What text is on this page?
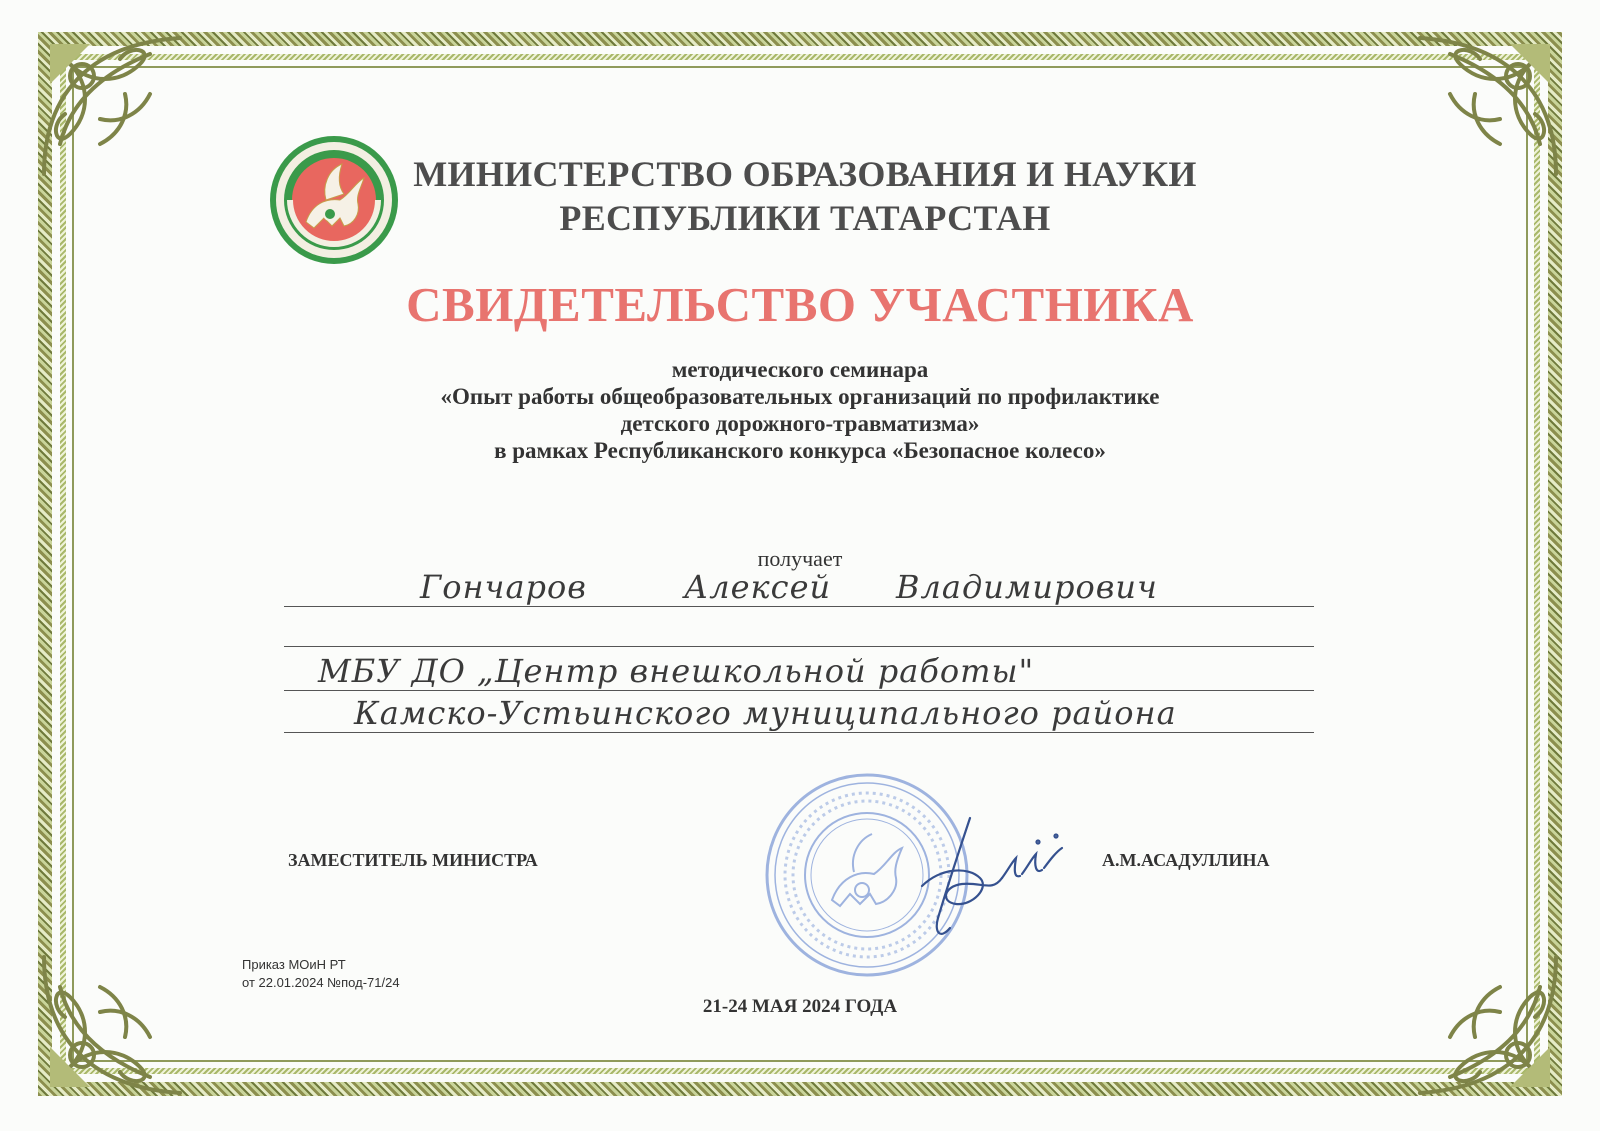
МИНИСТЕРСТВО ОБРАЗОВАНИЯ И НАУКИ
РЕСПУБЛИКИ ТАТАРСТАН
СВИДЕТЕЛЬСТВО УЧАСТНИКА
методического семинара
«Опыт работы общеобразовательных организаций по профилактике
детского дорожного-травматизма»
в рамках Республиканского конкурса «Безопасное колесо»
получает
Гончаров	Алексей Владимирович
МБУ ДО „Центр внешкольной работы"
Камско-Устьинского муниципального района
ЗАМЕСТИТЕЛЬ МИНИСТРА	А.М.АСАДУЛЛИНА
Приказ МОиН РТ
от 22.01.2024 №под-71/24
21-24 МАЯ 2024 ГОДА
